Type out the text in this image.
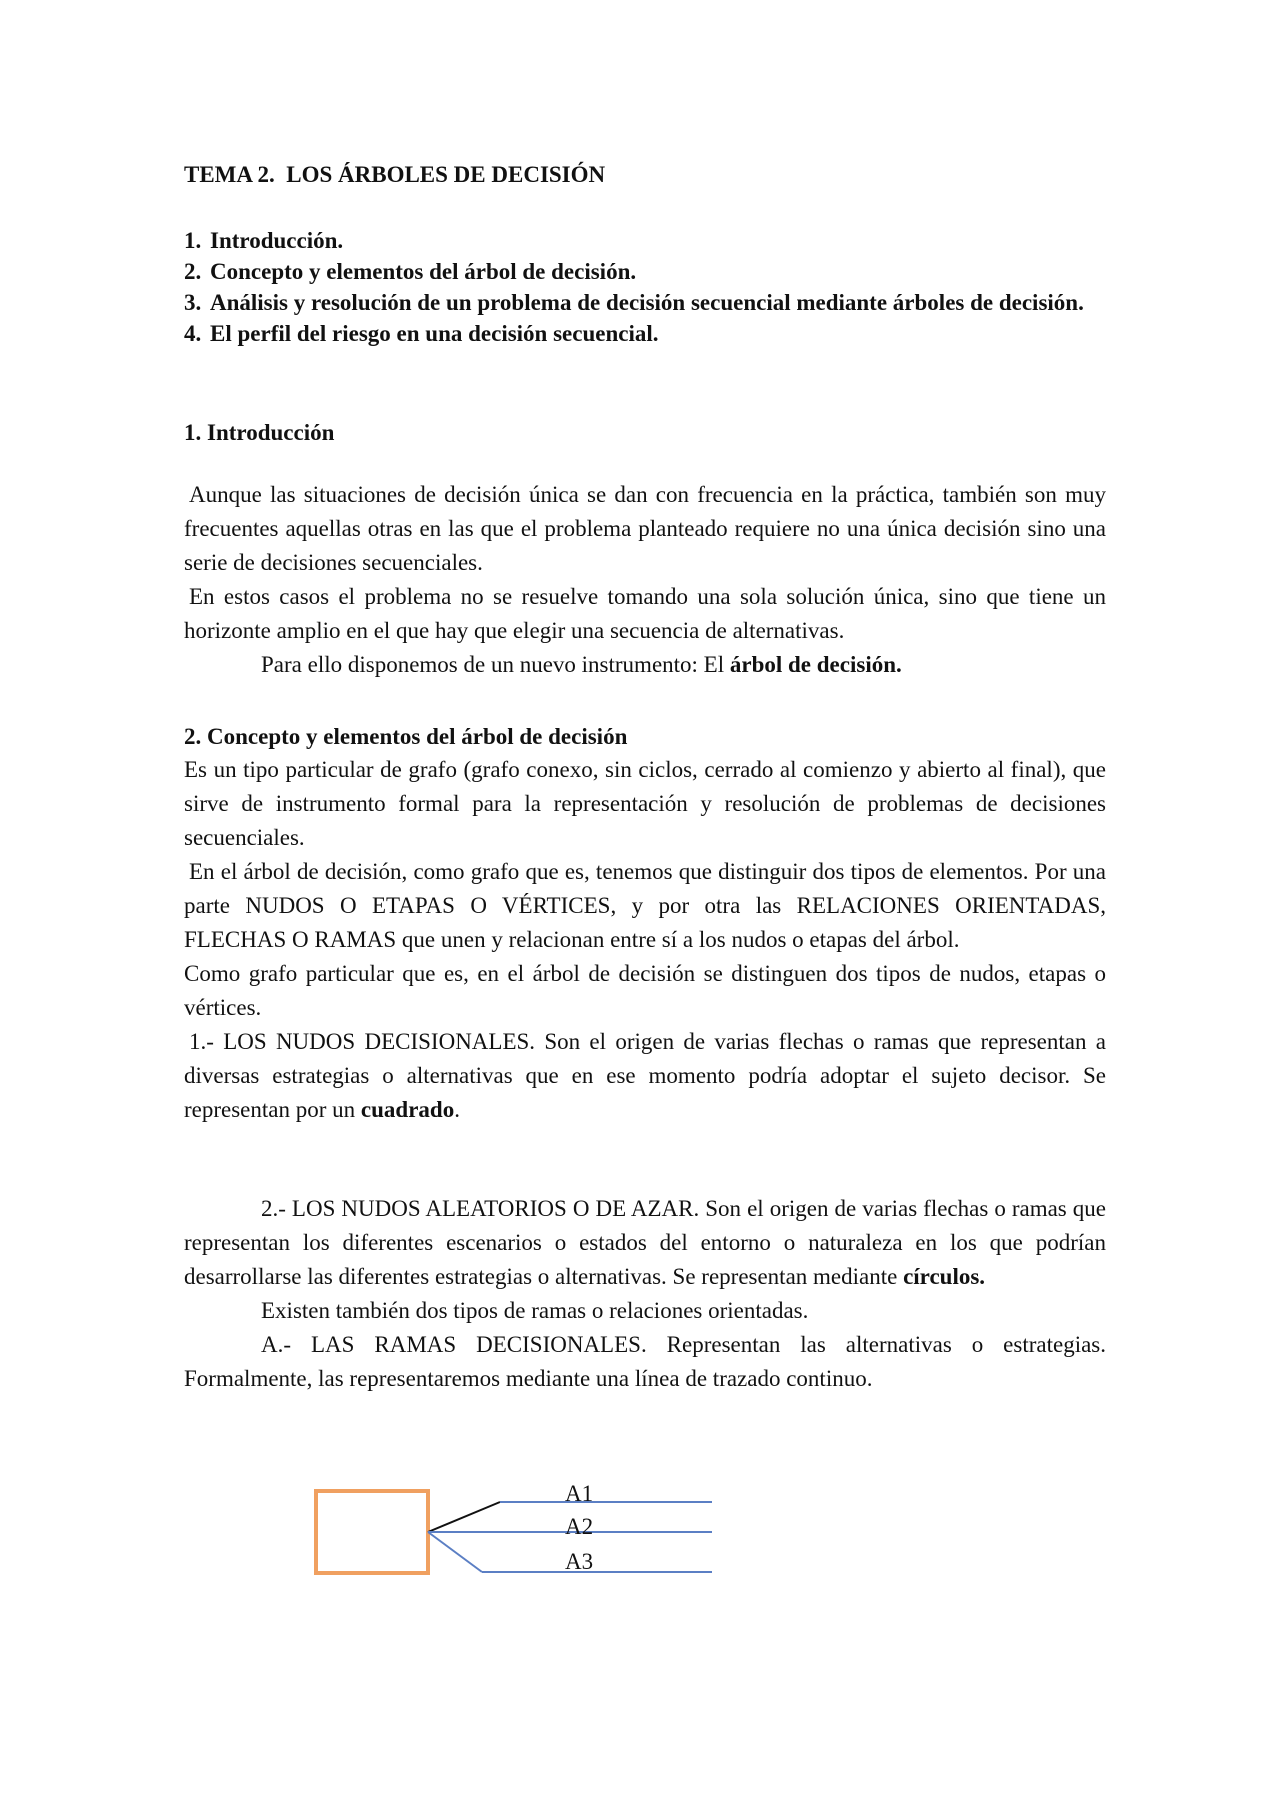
TEMA 2.  LOS ÁRBOLES DE DECISIÓN
1. Introducción.
2. Concepto y elementos del árbol de decisión.
3. Análisis y resolución de un problema de decisión secuencial mediante árboles de decisión.
4. El perfil del riesgo en una decisión secuencial.
1. Introducción

Aunque las situaciones de decisión única se dan con frecuencia en la práctica, también son muy frecuentes aquellas otras en las que el problema planteado requiere no una única decisión sino una serie de decisiones secuenciales.

En estos casos el problema no se resuelve tomando una sola solución única, sino que tiene un horizonte amplio en el que hay que elegir una secuencia de alternativas.

Para ello disponemos de un nuevo instrumento: El árbol de decisión.

2. Concepto y elementos del árbol de decisión

Es un tipo particular de grafo (grafo conexo, sin ciclos, cerrado al comienzo y abierto al final), que sirve de instrumento formal para la representación y resolución de problemas de decisiones secuenciales.

En el árbol de decisión, como grafo que es, tenemos que distinguir dos tipos de elementos. Por una parte NUDOS O ETAPAS O VÉRTICES, y por otra las RELACIONES ORIENTADAS, FLECHAS O RAMAS que unen y relacionan entre sí a los nudos o etapas del árbol.

Como grafo particular que es, en el árbol de decisión se distinguen dos tipos de nudos, etapas o vértices.

1.- LOS NUDOS DECISIONALES. Son el origen de varias flechas o ramas que representan a diversas estrategias o alternativas que en ese momento podría adoptar el sujeto decisor. Se representan por un cuadrado.

2.- LOS NUDOS ALEATORIOS O DE AZAR. Son el origen de varias flechas o ramas que representan los diferentes escenarios o estados del entorno o naturaleza en los que podrían desarrollarse las diferentes estrategias o alternativas. Se representan mediante círculos.

Existen también dos tipos de ramas o relaciones orientadas.

A.- LAS RAMAS DECISIONALES. Representan las alternativas o estrategias. Formalmente, las representaremos mediante una línea de trazado continuo.

A1
A2
A3
